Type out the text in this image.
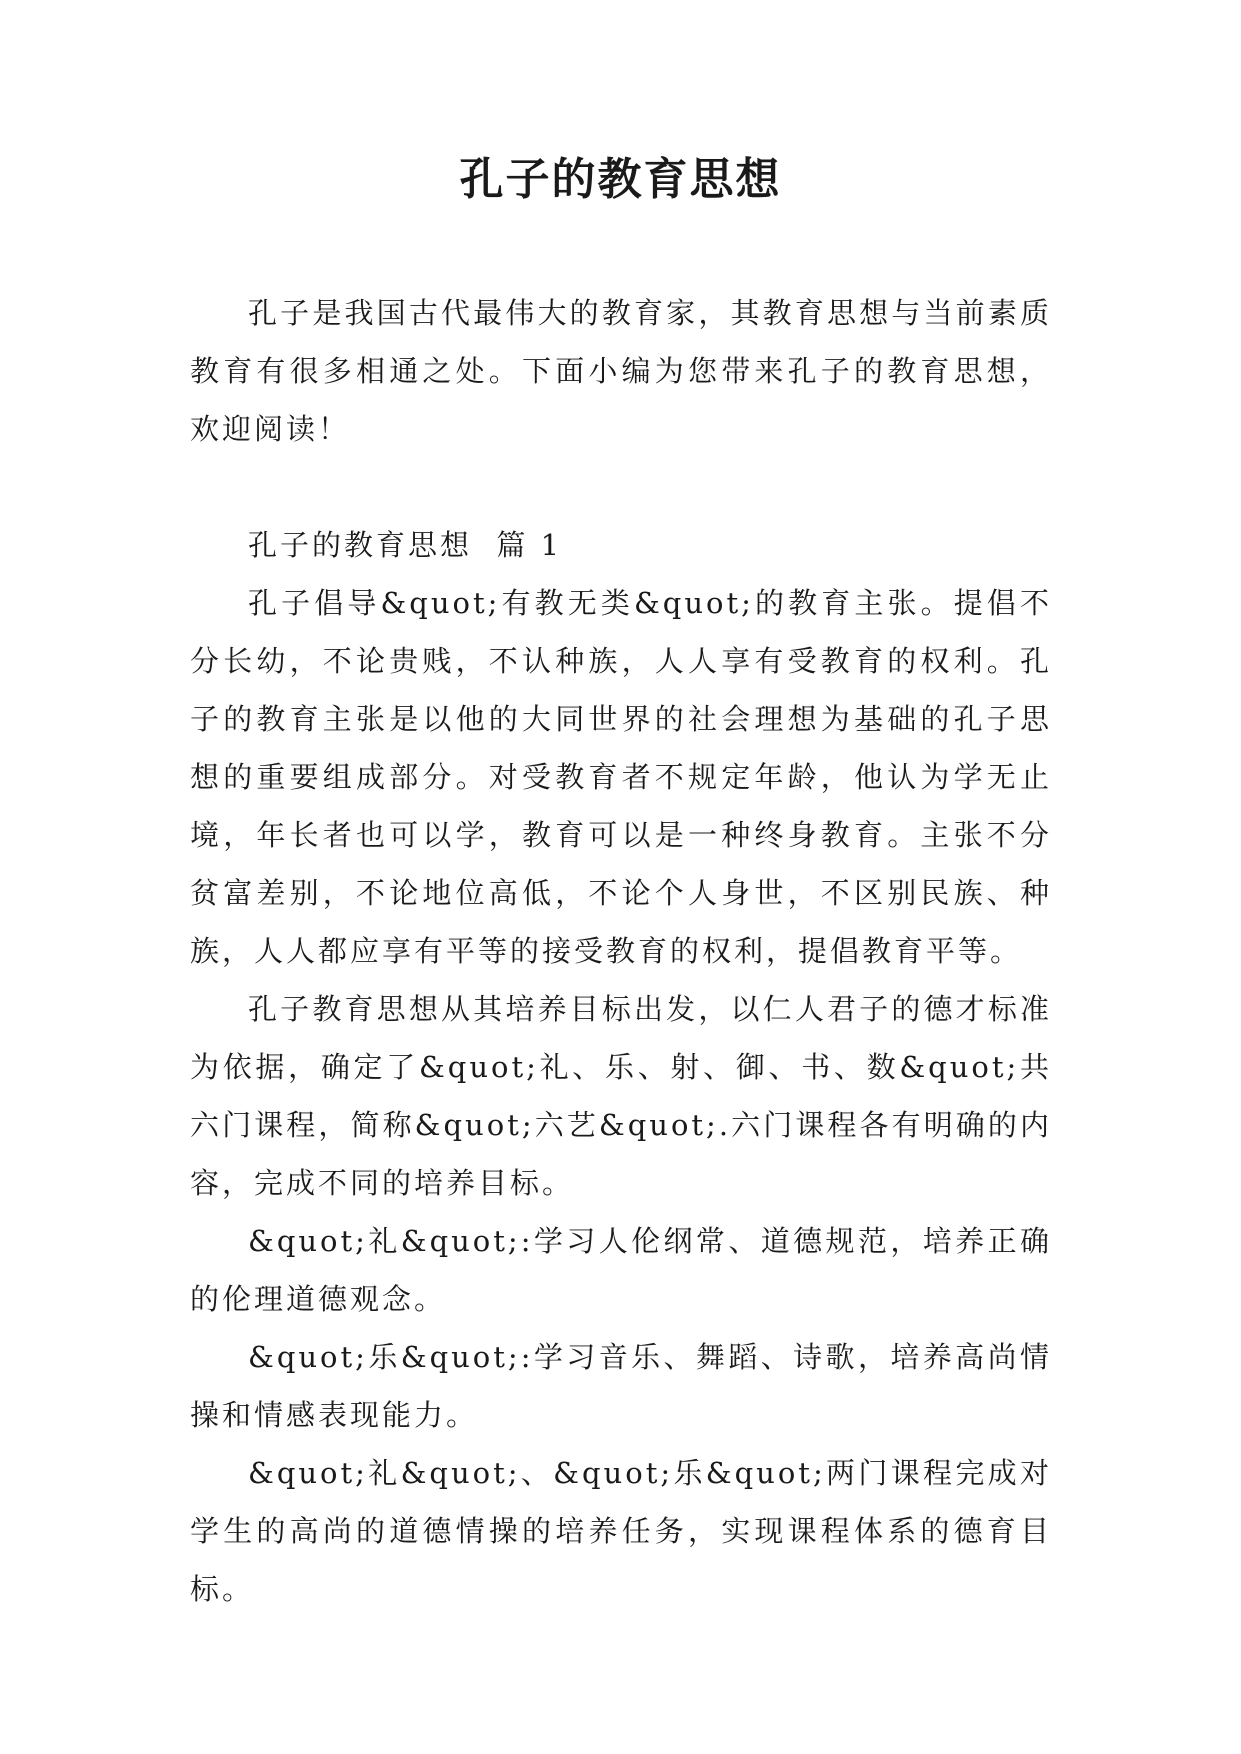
孔子的教育思想

孔子是我国古代最伟大的教育家，其教育思想与当前素质教育有很多相通之处。下面小编为您带来孔子的教育思想，欢迎阅读！

孔子的教育思想  篇 1

孔子倡导&quot;有教无类&quot;的教育主张。提倡不分长幼，不论贵贱，不认种族，人人享有受教育的权利。孔子的教育主张是以他的大同世界的社会理想为基础的孔子思想的重要组成部分。对受教育者不规定年龄，他认为学无止境，年长者也可以学，教育可以是一种终身教育。主张不分贫富差别，不论地位高低，不论个人身世，不区别民族、种族，人人都应享有平等的接受教育的权利，提倡教育平等。

孔子教育思想从其培养目标出发，以仁人君子的德才标准为依据，确定了&quot;礼、乐、射、御、书、数&quot;共六门课程，简称&quot;六艺&quot;.六门课程各有明确的内容，完成不同的培养目标。

&quot;礼&quot;:学习人伦纲常、道德规范，培养正确的伦理道德观念。

&quot;乐&quot;:学习音乐、舞蹈、诗歌，培养高尚情操和情感表现能力。

&quot;礼&quot;、&quot;乐&quot;两门课程完成对学生的高尚的道德情操的培养任务，实现课程体系的德育目标。
